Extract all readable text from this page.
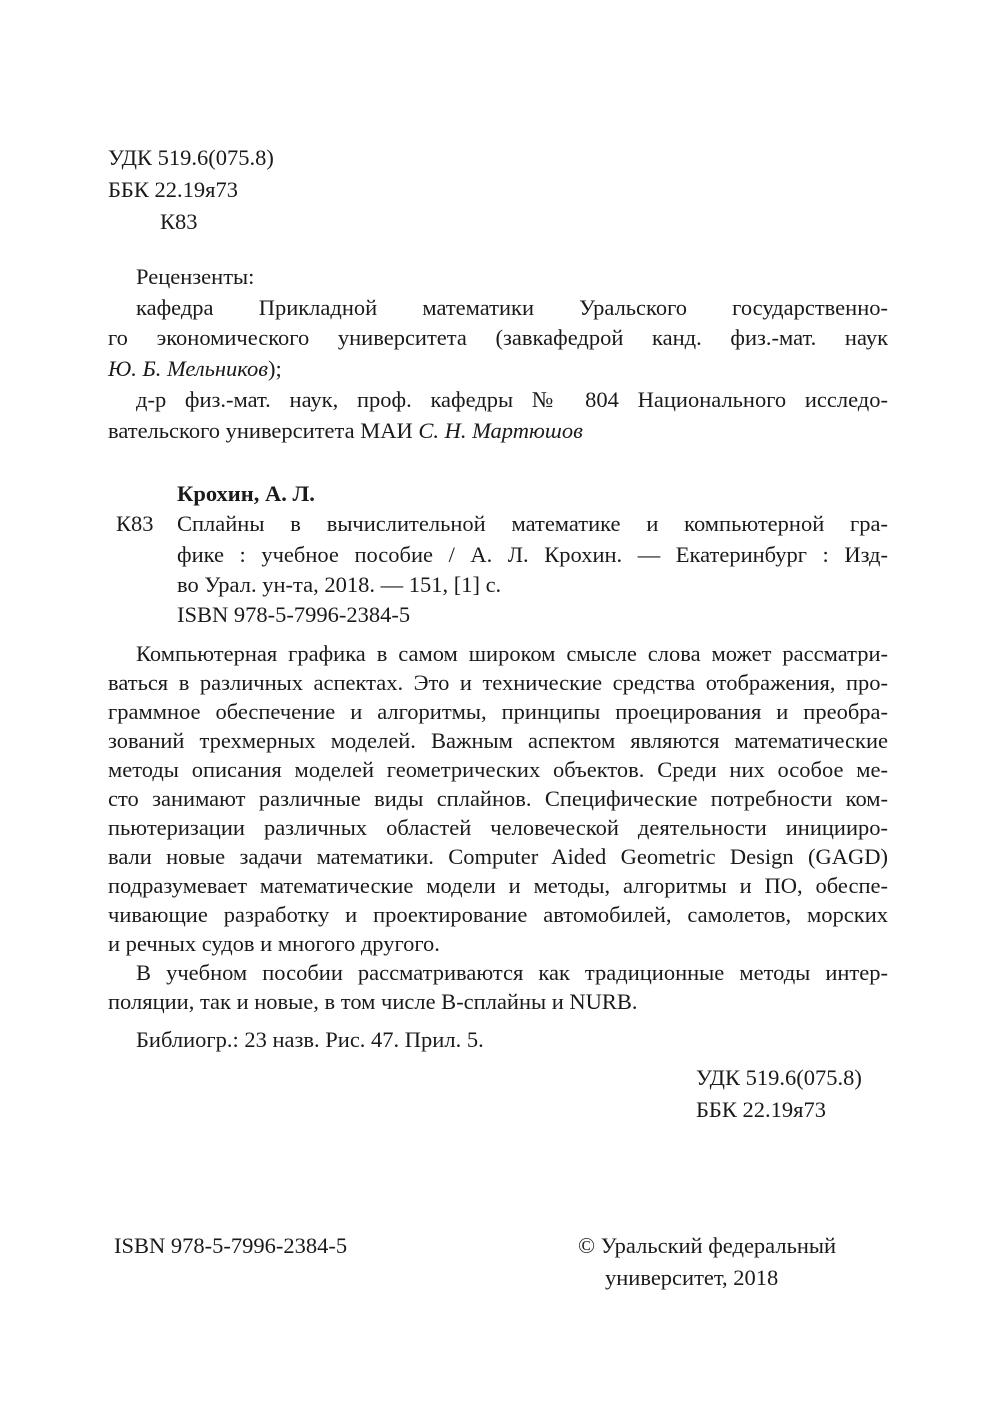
УДК 519.6(075.8)
ББК 22.19я73
К83
Рецензенты:
кафедра Прикладной математики Уральского государственно-
го экономического университета (завкафедрой канд. физ.-мат. наук
Ю. Б. Мельников);
д-р физ.-мат. наук, проф. кафедры № 804 Национального исследо-
вательского университета МАИ С. Н. Мартюшов
Крохин, А. Л.
К83 Сплайны в вычислительной математике и компьютерной гра-
фике : учебное пособие / А. Л. Крохин. — Екатеринбург : Изд-
во Урал. ун-та, 2018. — 151, [1] с.
ISBN 978-5-7996-2384-5
Компьютерная графика в самом широком смысле слова может рассматри-
ваться в различных аспектах. Это и технические средства отображения, про-
граммное обеспечение и алгоритмы, принципы проецирования и преобра-
зований трехмерных моделей. Важным аспектом являются математические
методы описания моделей геометрических объектов. Среди них особое ме-
сто занимают различные виды сплайнов. Специфические потребности ком-
пьютеризации различных областей человеческой деятельности иницииро-
вали новые задачи математики. Computer Aided Geometric Design (GAGD)
подразумевает математические модели и методы, алгоритмы и ПО, обеспе-
чивающие разработку и проектирование автомобилей, самолетов, морских
и речных судов и многого другого.
В учебном пособии рассматриваются как традиционные методы интер-
поляции, так и новые, в том числе B-сплайны и NURB.
Библиогр.: 23 назв. Рис. 47. Прил. 5.
УДК 519.6(075.8)
ББК 22.19я73
ISBN 978-5-7996-2384-5	© Уральский федеральный
университет, 2018
